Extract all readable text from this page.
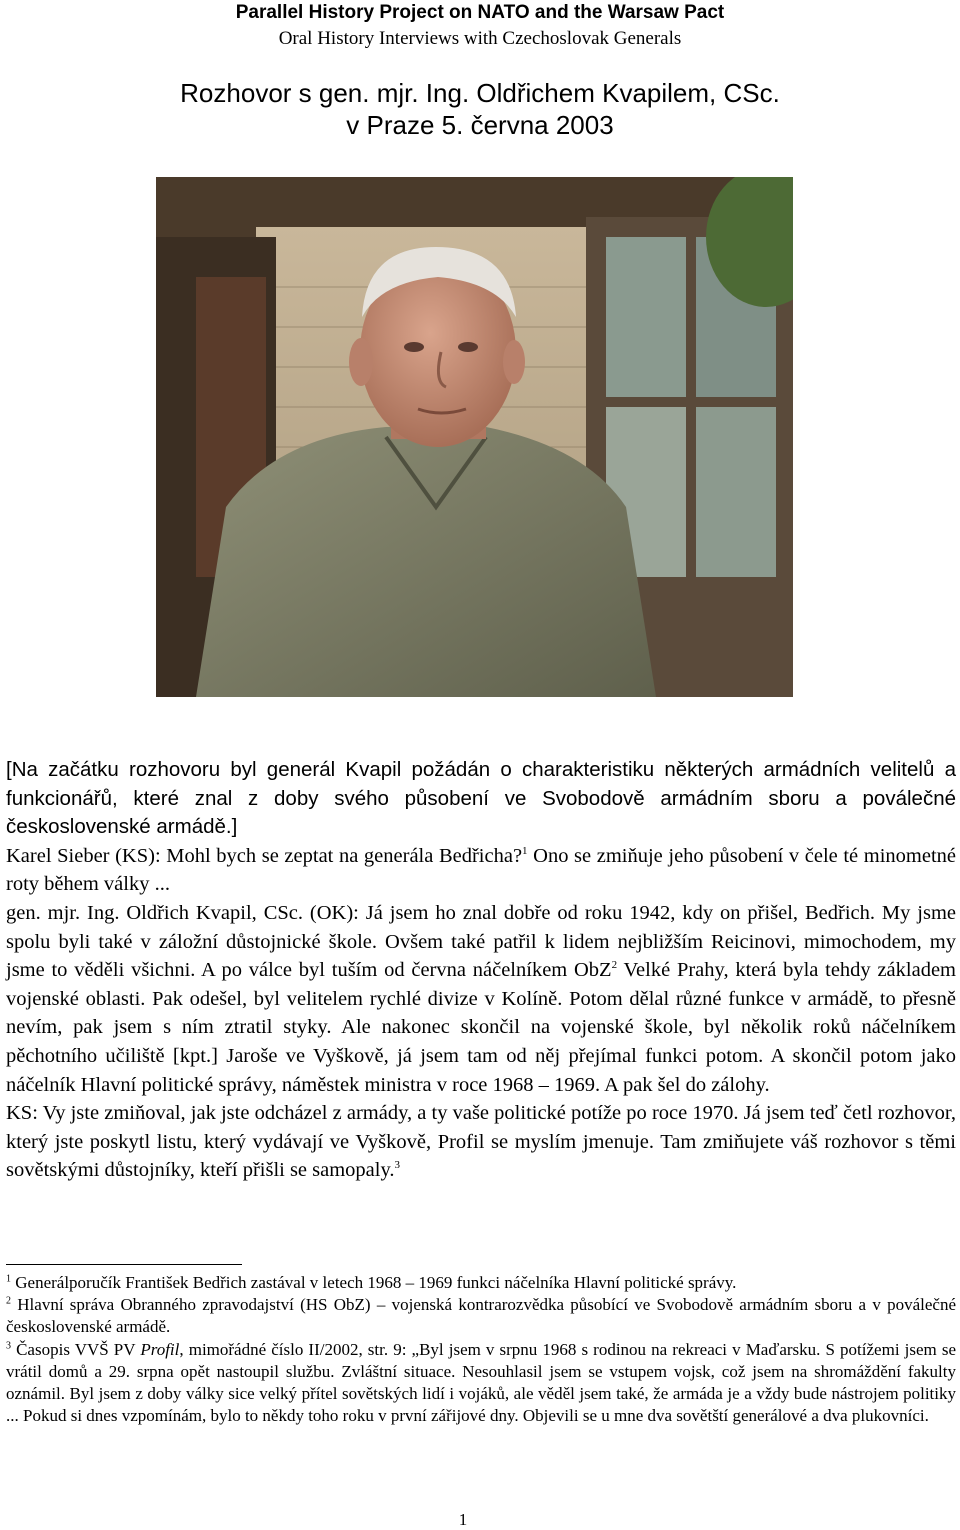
Parallel History Project on NATO and the Warsaw Pact
Oral History Interviews with Czechoslovak Generals
Rozhovor s gen. mjr. Ing. Oldřichem Kvapilem, CSc.
v Praze 5. června 2003

[Na začátku rozhovoru byl generál Kvapil požádán o charakteristiku některých armádních velitelů a funkcionářů, které znal z doby svého působení ve Svobodově armádním sboru a poválečné československé armádě.]

Karel Sieber (KS): Mohl bych se zeptat na generála Bedřicha?$^1$ Ono se zmiňuje jeho působení v čele té minometné roty během války ...

gen. mjr. Ing. Oldřich Kvapil, CSc. (OK): Já jsem ho znal dobře od roku 1942, kdy on přišel, Bedřich. My jsme spolu byli také v záložní důstojnické škole. Ovšem také patřil k lidem nejbližším Reicinovi, mimochodem, my jsme to věděli všichni. A po válce byl tuším od června náčelníkem ObZ$^2$ Velké Prahy, která byla tehdy základem vojenské oblasti. Pak odešel, byl velitelem rychlé divize v Kolíně. Potom dělal různé funkce v armádě, to přesně nevím, pak jsem s ním ztratil styky. Ale nakonec skončil na vojenské škole, byl několik roků náčelníkem pěchotního učiliště [kpt.] Jaroše ve Vyškově, já jsem tam od něj přejímal funkci potom. A skončil potom jako náčelník Hlavní politické správy, náměstek ministra v roce 1968 – 1969. A pak šel do zálohy.

KS: Vy jste zmiňoval, jak jste odcházel z armády, a ty vaše politické potíže po roce 1970. Já jsem teď četl rozhovor, který jste poskytl listu, který vydávají ve Vyškově, Profil se myslím jmenuje. Tam zmiňujete váš rozhovor s těmi sovětskými důstojníky, kteří přišli se samopaly.$^3$

$^1$ Generálporučík František Bedřich zastával v letech 1968 – 1969 funkci náčelníka Hlavní politické správy.

$^2$ Hlavní správa Obranného zpravodajství (HS ObZ) – vojenská kontrarozvědka působící ve Svobodově armádním sboru a v poválečné československé armádě.

$^3$ Časopis VVŠ PV Profil, mimořádné číslo II/2002, str. 9: „Byl jsem v srpnu 1968 s rodinou na rekreaci v Maďarsku. S potížemi jsem se vrátil domů a 29. srpna opět nastoupil službu. Zvláštní situace. Nesouhlasil jsem se vstupem vojsk, což jsem na shromáždění fakulty oznámil. Byl jsem z doby války sice velký přítel sovětských lidí i vojáků, ale věděl jsem také, že armáda je a vždy bude nástrojem politiky ... Pokud si dnes vzpomínám, bylo to někdy toho roku v první zářijové dny. Objevili se u mne dva sovětští generálové a dva plukovníci.

1
